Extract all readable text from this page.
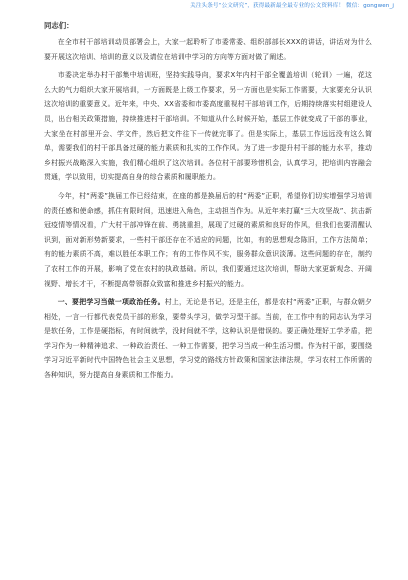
关注头条号“公文研究”，获得最新最全最专业的公文资料库！ 微信：gongwen_j

同志们：

在全市村干部培训动员部署会上，大家一起聆听了市委常委、组织部部长XXX的讲话，讲话对为什么要开展这次培训、培训的意义以及请位在培训中学习的方向等方面对做了阐述。

市委决定举办村干部集中培训班，坚持实践导向，要求X年内村干部全覆盖培训（轮训）一遍，花这么大的气力组织大家开展培训，一方面既是上级工作要求，另一方面也是实际工作需要，大家要充分认识这次培训的重要意义。近年来，中央、XX省委和市委高度重视村干部培训工作，后期持续落实村组建设人员，出台相关政策措施，持续推进村干部培训。不知道从什么时候开始，基层工作就变成了干部的事业，大家坐在村部里开会、学文件，然后把文件往下一传就完事了。但是实际上，基层工作远远没有这么简单，需要我们的村干部具备过硬的能力素质和扎实的工作作风。为了进一步提升村干部的能力水平，推动乡村振兴战略深入实施，我们精心组织了这次培训。各位村干部要珍惜机会，认真学习，把培训内容融会贯通，学以致用，切实提高自身的综合素质和履职能力。

今年，村“两委”换届工作已经结束，在座的都是换届后的村“两委”正职，希望你们切实增强学习培训的责任感和使命感，抓住有限时间，迅速进入角色，主动担当作为。从近年来打赢“三大攻坚战”、抗击新冠疫情等情况看，广大村干部冲锋在前、勇挑重担，展现了过硬的素质和良好的作风，但我们也要清醒认识到，面对新形势新要求，一些村干部还存在不适应的问题，比如，有的思想观念陈旧，工作方法简单；有的能力素质不高，难以胜任本职工作；有的工作作风不实，服务群众意识淡薄。这些问题的存在，制约了农村工作的开展，影响了党在农村的执政基础。所以，我们要通过这次培训，帮助大家更新观念、开阔视野、增长才干，不断提高带领群众致富和推进乡村振兴的能力。

一、要把学习当做一项政治任务。村上，无论是书记，还是主任，都是农村“两委”正职，与群众朝夕相处，一言一行都代表党员干部的形象，要带头学习，做学习型干部。当前，在工作中有的同志认为学习是软任务，工作是硬指标，有时间就学，没时间就不学，这种认识是错误的。要正确处理好工学矛盾，把学习作为一种精神追求、一种政治责任、一种工作需要，把学习当成一种生活习惯。作为村干部，要围绕学习习近平新时代中国特色社会主义思想，学习党的路线方针政策和国家法律法规，学习农村工作所需的各种知识，努力提高自身素质和工作能力。
